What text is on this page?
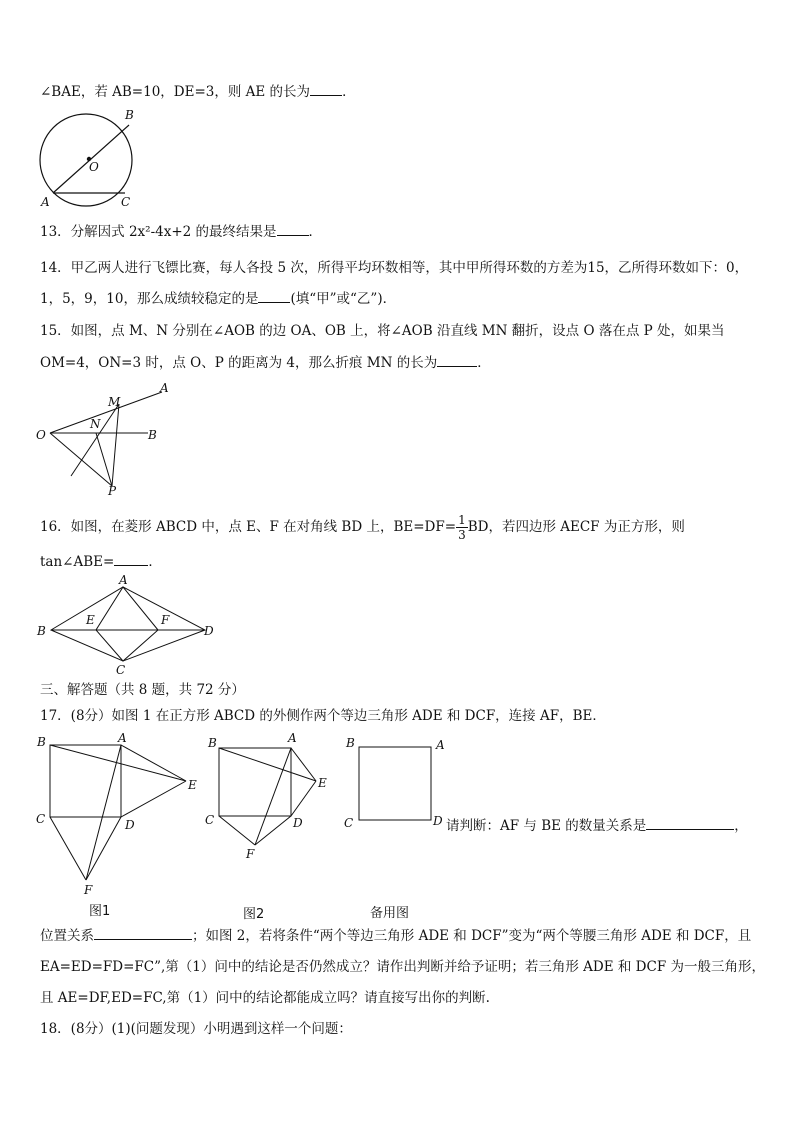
∠BAE，若 AB=10，DE=3，则 AE 的长为 ．
B
O
A	C
13．分解因式 2x²-4x+2 的最终结果是 ．
14．甲乙两人进行飞镖比赛，每人各投 5 次，所得平均环数相等，其中甲所得环数的方差为15，乙所得环数如下：0，
1，5，9，10，那么成绩较稳定的是 (填“甲”或“乙”)．
15．如图，点 M、N 分别在∠AOB 的边 OA、OB 上，将∠AOB 沿直线 MN 翻折，设点 O 落在点 P 处，如果当
OM=4，ON=3 时，点 O、P 的距离为 4，那么折痕 MN 的长为	．
A
M
O
N
B
P
16．如图，在菱形 ABCD 中，点 E、F 在对角线 BD 上，$BE=DF= \frac{1}{3}$ BD，若四边形 AECF 为正方形，则
tan∠ABE=	．
A
B
E	F
D
C
三、解答题（共 8 题，共 72 分）
17．(8分）如图 1 在正方形 ABCD 的外侧作两个等边三角形 ADE 和 DCF，连接 AF，BE．
B	A
E
C	D
F
图1
B	A
E
C	D
F
图2
B	A
C	D
备用图
请判断：AF 与 BE 的数量关系是	，
位置关系	；如图 2，若将条件“两个等边三角形 ADE 和 DCF”变为“两个等腰三角形 ADE 和 DCF，且
EA=ED=FD=FC”,第（1）问中的结论是否仍然成立？请作出判断并给予证明；若三角形 ADE 和 DCF 为一般三角形，
且 AE=DF,ED=FC,第（1）问中的结论都能成立吗？请直接写出你的判断.
18．(8分）(1)(问题发现）小明遇到这样一个问题：
